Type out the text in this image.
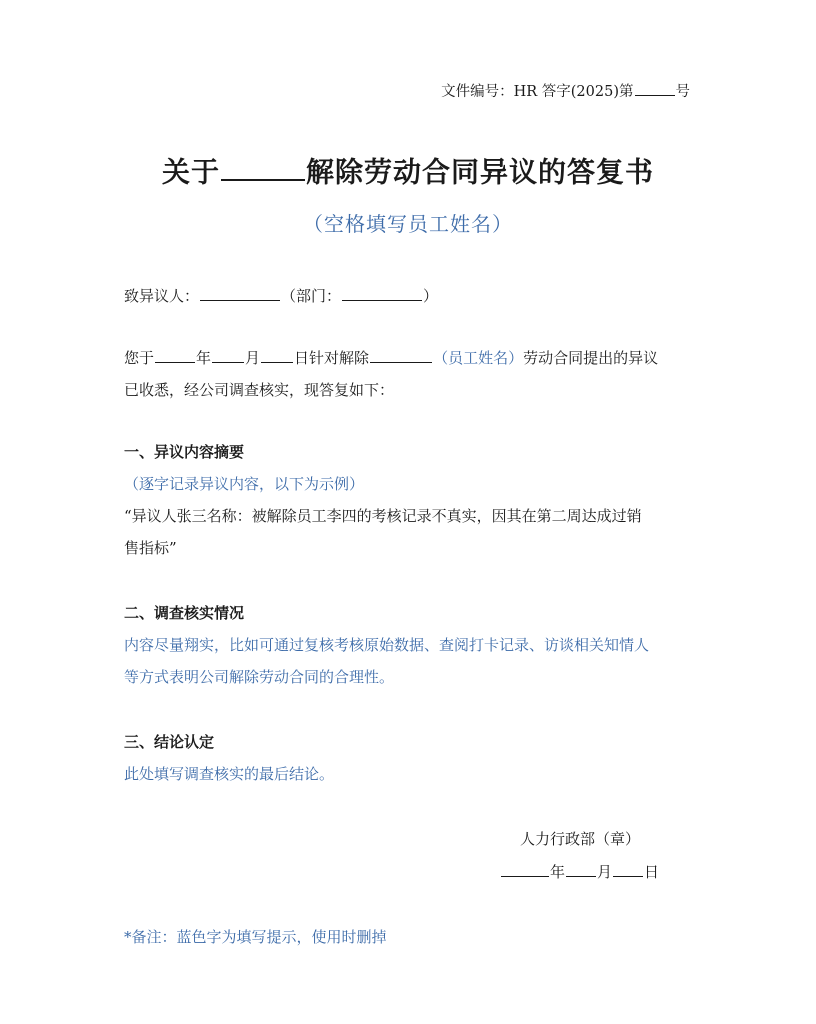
文件编号：HR 答字(2025)第	号
关于	解除劳动合同异议的答复书
（空格填写员工姓名）
致异议人：	（部门：	）
您于	年 月 日针对解除	（员工姓名）劳动合同提出的异议
已收悉，经公司调查核实，现答复如下：
一、异议内容摘要
（逐字记录异议内容，以下为示例）
“异议人张三名称：被解除员工李四的考核记录不真实，因其在第二周达成过销
售指标”
二、调查核实情况
内容尽量翔实，比如可通过复核考核原始数据、查阅打卡记录、访谈相关知情人
等方式表明公司解除劳动合同的合理性。
三、结论认定
此处填写调查核实的最后结论。
人力行政部（章）
年 月 日
*备注：蓝色字为填写提示，使用时删掉
